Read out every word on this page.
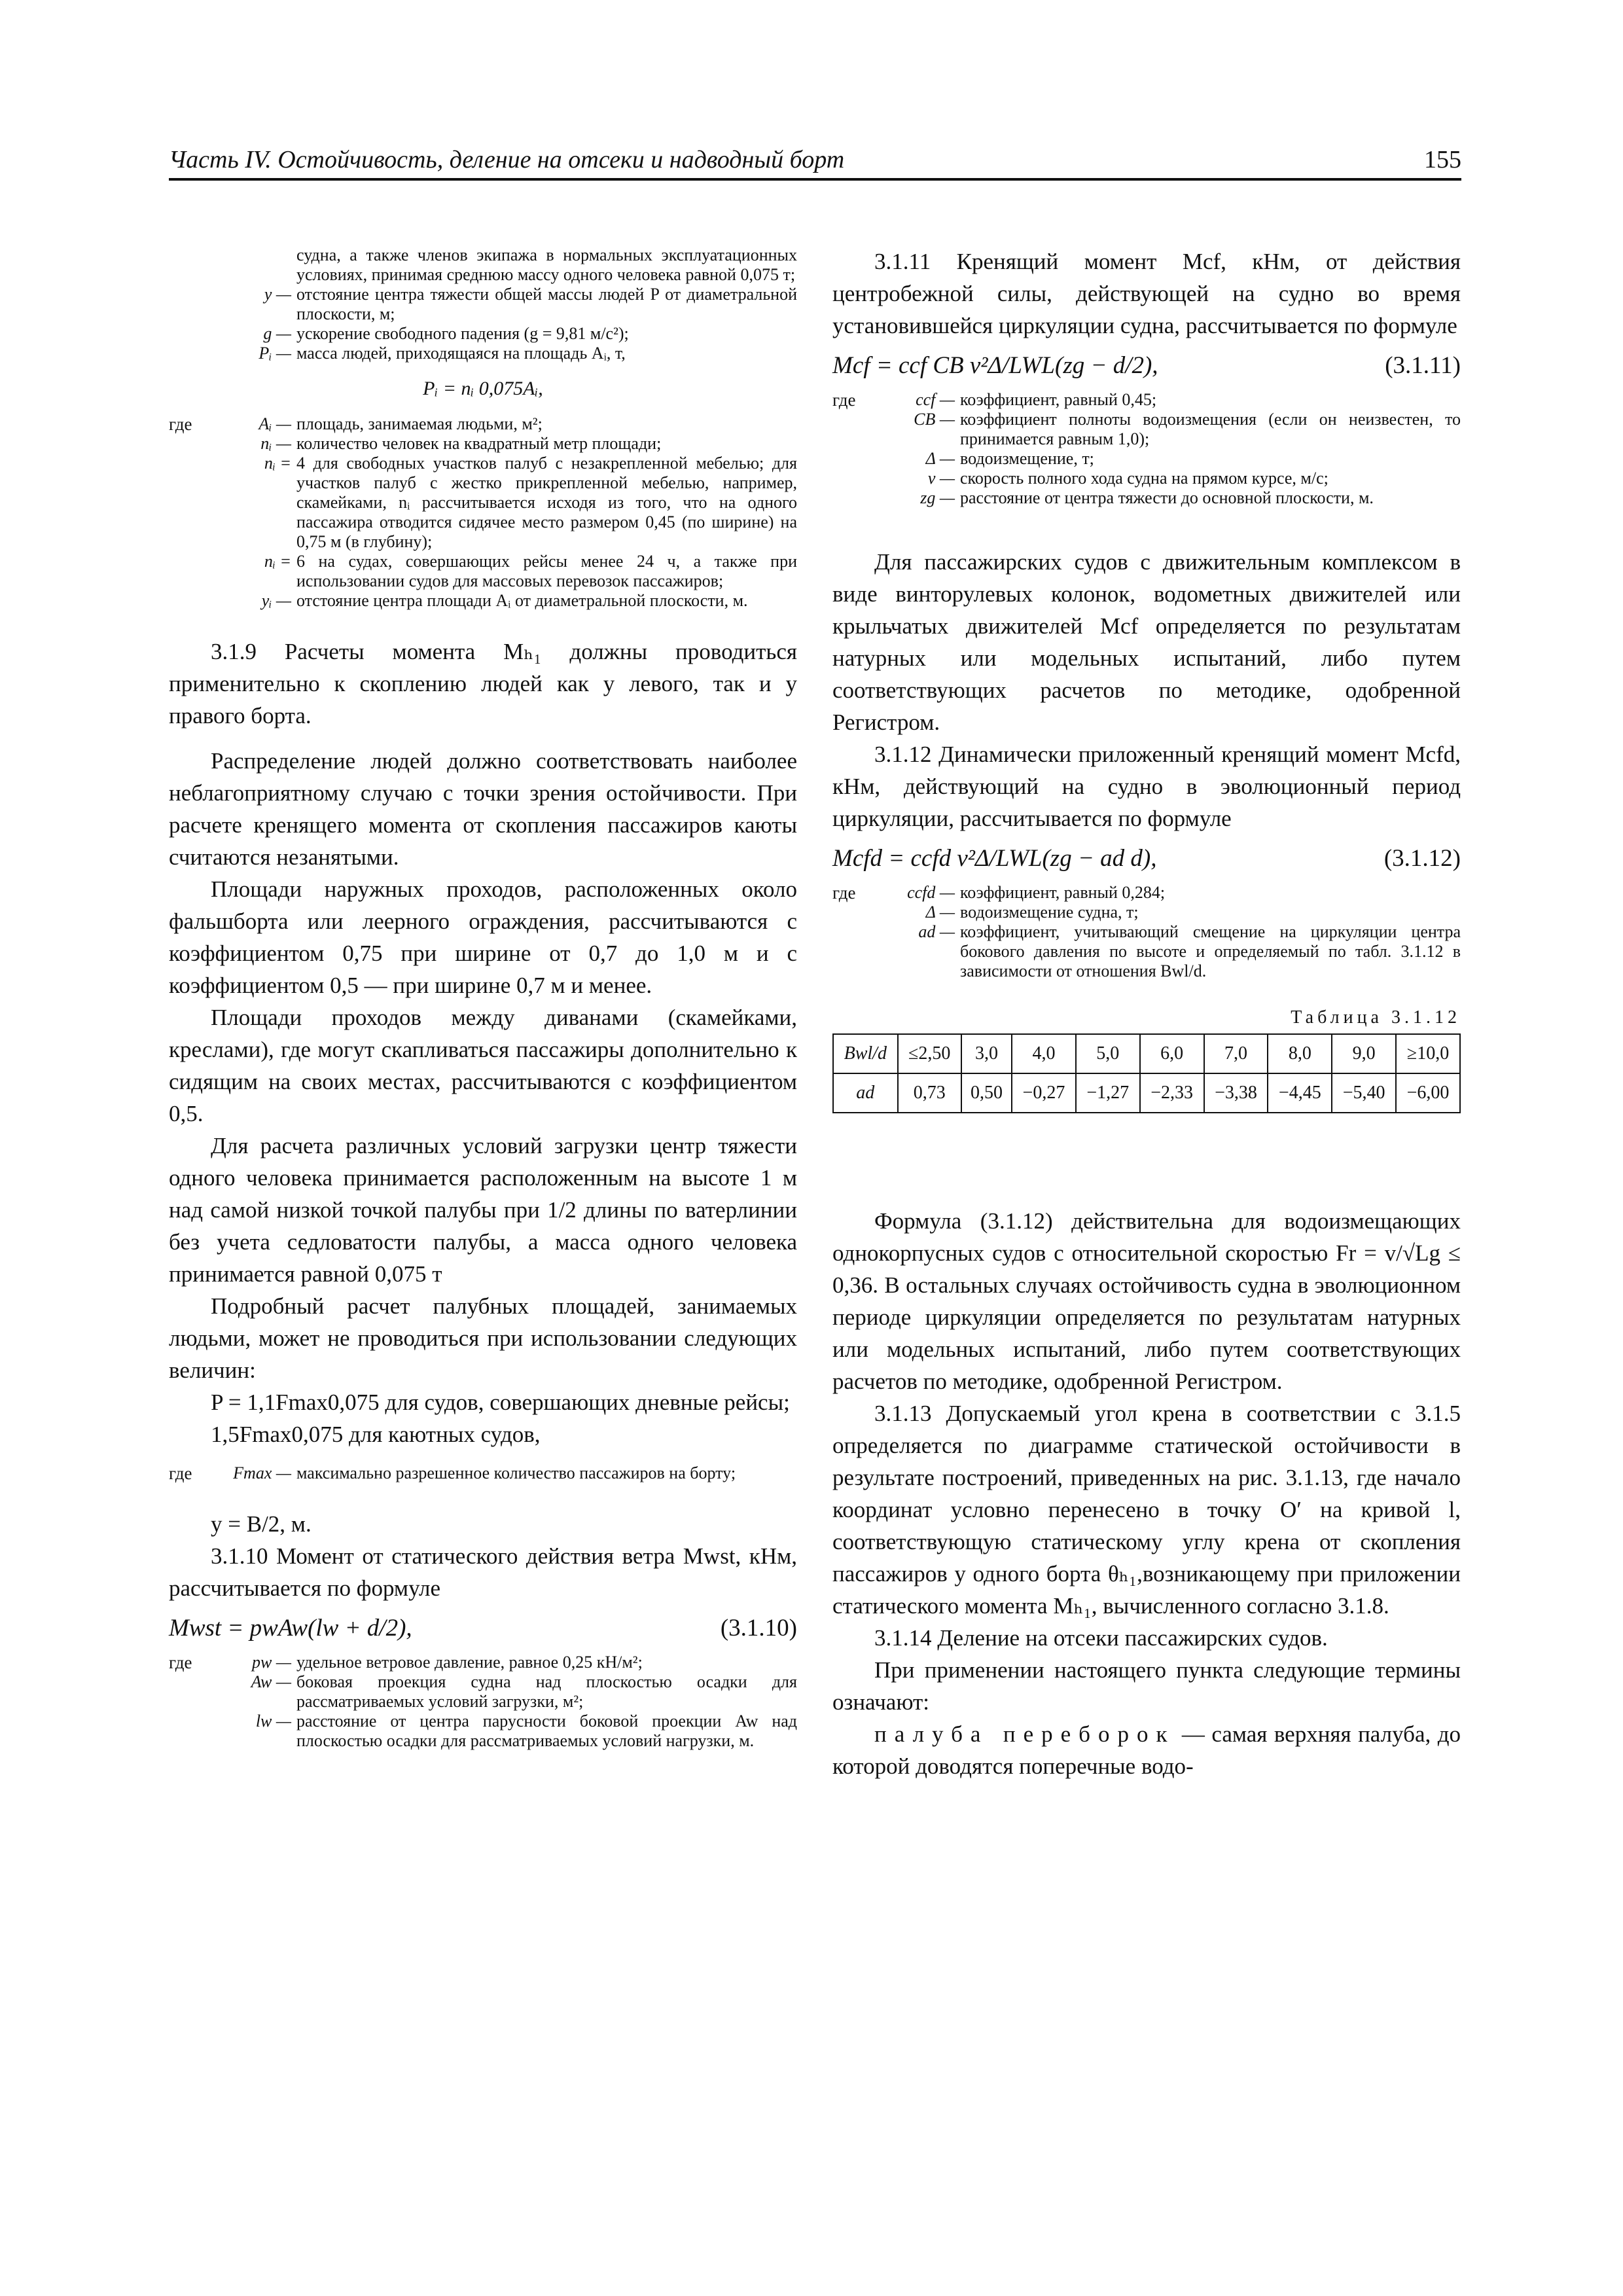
Часть IV. Остойчивость, деление на отсеки и надводный борт	155
судна, а также членов экипажа в нормальных эксплуатационных условиях, принимая среднюю массу одного человека равной 0,075 т;
y — отстояние центра тяжести общей массы людей P от диаметральной плоскости, м;
g — ускорение свободного падения (g = 9,81 м/с²);
Pᵢ — масса людей, приходящаяся на площадь Aᵢ, т,
Pᵢ = nᵢ 0,075Aᵢ,
где	Aᵢ — площадь, занимаемая людьми, м²;
nᵢ — количество человек на квадратный метр площади;
nᵢ = 4 для свободных участков палуб с незакрепленной мебелью; для участков палуб с жестко прикрепленной мебелью, например, скамейками, nᵢ рассчитывается исходя из того, что на одного пассажира отводится сидячее место размером 0,45 (по ширине) на 0,75 м (в глубину);
nᵢ = 6 на судах, совершающих рейсы менее 24 ч, а также при использовании судов для массовых перевозок пассажиров;
yᵢ — отстояние центра площади Aᵢ от диаметральной плоскости, м.

3.1.9 Расчеты момента Mₕ₁ должны проводиться применительно к скоплению людей как у левого, так и у правого борта.

Распределение людей должно соответствовать наиболее неблагоприятному случаю с точки зрения остойчивости. При расчете кренящего момента от скопления пассажиров каюты считаются незанятыми.

Площади наружных проходов, расположенных около фальшборта или леерного ограждения, рассчитываются с коэффициентом 0,75 при ширине от 0,7 до 1,0 м и с коэффициентом 0,5 — при ширине 0,7 м и менее.

Площади проходов между диванами (скамейками, креслами), где могут скапливаться пассажиры дополнительно к сидящим на своих местах, рассчитываются с коэффициентом 0,5.

Для расчета различных условий загрузки центр тяжести одного человека принимается расположенным на высоте 1 м над самой низкой точкой палубы при 1/2 длины по ватерлинии без учета седловатости палубы, а масса одного человека принимается равной 0,075 т

Подробный расчет палубных площадей, занимаемых людьми, может не проводиться при использовании следующих величин:

P = 1,1Fmax0,075 для судов, совершающих дневные рейсы;

1,5Fmax0,075 для каютных судов,

где	Fmax — максимально разрешенное количество пассажиров на борту;

y = B/2, м.

3.1.10 Момент от статического действия ветра Mwst, кНм, рассчитывается по формуле

Mwst = pwAw(lw + d/2),	(3.1.10)
где	pw — удельное ветровое давление, равное 0,25 кН/м²;
Aw — боковая проекция судна над плоскостью осадки для рассматриваемых условий загрузки, м²;
lw — расстояние от центра парусности боковой проекции Aw над плоскостью осадки для рассматриваемых условий нагрузки, м.

3.1.11 Кренящий момент Mcf, кНм, от действия центробежной силы, действующей на судно во время установившейся циркуляции судна, рассчитывается по формуле

Mcf = ccf CB v²Δ/LWL(zg − d/2),	(3.1.11)
где	ccf — коэффициент, равный 0,45;
CB — коэффициент полноты водоизмещения (если он неизвестен, то принимается равным 1,0);
Δ — водоизмещение, т;
v — скорость полного хода судна на прямом курсе, м/с;
zg — расстояние от центра тяжести до основной плоскости, м.

Для пассажирских судов с движительным комплексом в виде винторулевых колонок, водометных движителей или крыльчатых движителей Mcf определяется по результатам натурных или модельных испытаний, либо путем соответствующих расчетов по методике, одобренной Регистром.

3.1.12 Динамически приложенный кренящий момент Mcfd, кНм, действующий на судно в эволюционный период циркуляции, рассчитывается по формуле

Mcfd = ccfd v²Δ/LWL(zg − ad d),	(3.1.12)
где	ccfd — коэффициент, равный 0,284;
Δ — водоизмещение судна, т;
ad — коэффициент, учитывающий смещение на циркуляции центра бокового давления по высоте и определяемый по табл. 3.1.12 в зависимости от отношения Bwl/d.
Таблица 3.1.12
Bwl/d	≤2,50	3,0	4,0	5,0	6,0	7,0	8,0	9,0	≥10,0
ad	0,73	0,50	−0,27	−1,27	−2,33	−3,38	−4,45	−5,40	−6,00

Формула (3.1.12) действительна для водоизмещающих однокорпусных судов с относительной скоростью Fr = v/√Lg ≤ 0,36. В остальных случаях остойчивость судна в эволюционном периоде циркуляции определяется по результатам натурных или модельных испытаний, либо путем соответствующих расчетов по методике, одобренной Регистром.

3.1.13 Допускаемый угол крена в соответствии с 3.1.5 определяется по диаграмме статической остойчивости в результате построений, приведенных на рис. 3.1.13, где начало координат условно перенесено в точку O′ на кривой l, соответствующую статическому углу крена от скопления пассажиров у одного борта θₕ₁,возникающему при приложении статического момента Mₕ₁, вычисленного согласно 3.1.8.

3.1.14 Деление на отсеки пассажирских судов.

При применении настоящего пункта следующие термины означают:

палуба переборок — самая верхняя палуба, до которой доводятся поперечные водо-
